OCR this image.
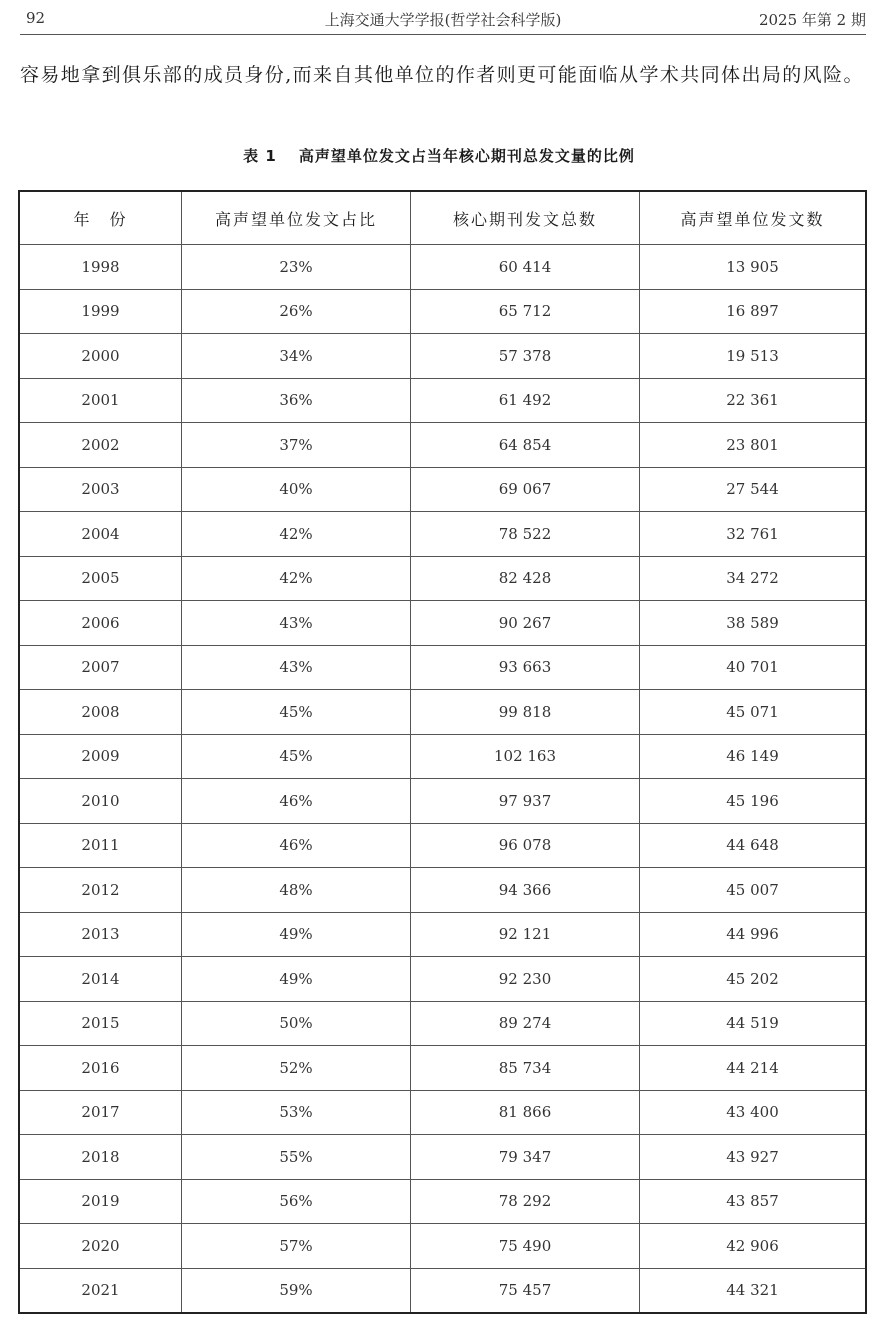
92	上海交通大学学报(哲学社会科学版)	2025 年第 2 期
容易地拿到俱乐部的成员身份,而来自其他单位的作者则更可能面临从学术共同体出局的风险。
表 1 高声望单位发文占当年核心期刊总发文量的比例
年　份	高声望单位发文占比	核心期刊发文总数	高声望单位发文数
1998	23%	60 414	13 905
1999	26%	65 712	16 897
2000	34%	57 378	19 513
2001	36%	61 492	22 361
2002	37%	64 854	23 801
2003	40%	69 067	27 544
2004	42%	78 522	32 761
2005	42%	82 428	34 272
2006	43%	90 267	38 589
2007	43%	93 663	40 701
2008	45%	99 818	45 071
2009	45%	102 163	46 149
2010	46%	97 937	45 196
2011	46%	96 078	44 648
2012	48%	94 366	45 007
2013	49%	92 121	44 996
2014	49%	92 230	45 202
2015	50%	89 274	44 519
2016	52%	85 734	44 214
2017	53%	81 866	43 400
2018	55%	79 347	43 927
2019	56%	78 292	43 857
2020	57%	75 490	42 906
2021	59%	75 457	44 321
